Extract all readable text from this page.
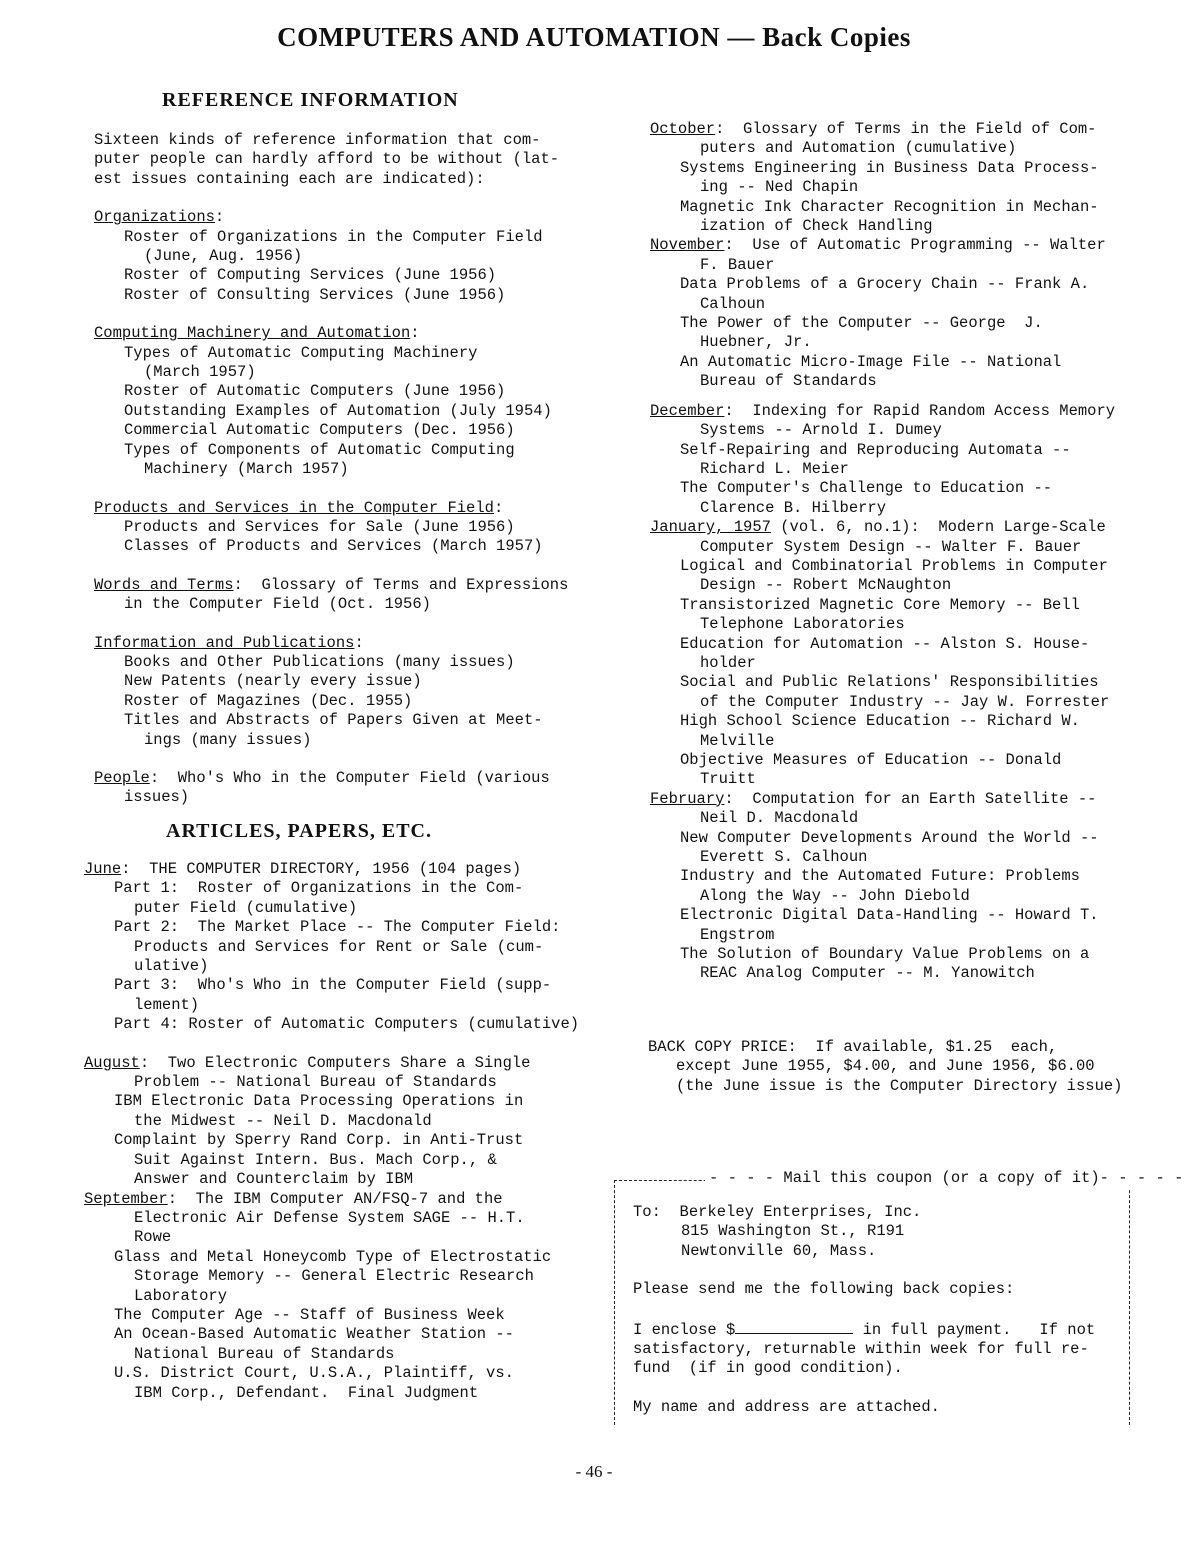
COMPUTERS AND AUTOMATION — Back Copies
REFERENCE INFORMATION
Sixteen kinds of reference information that com-
puter people can hardly afford to be without (lat-
est issues containing each are indicated):
Organizations:
Roster of Organizations in the Computer Field
(June, Aug. 1956)
Roster of Computing Services (June 1956)
Roster of Consulting Services (June 1956)
Computing Machinery and Automation:
Types of Automatic Computing Machinery
(March 1957)
Roster of Automatic Computers (June 1956)
Outstanding Examples of Automation (July 1954)
Commercial Automatic Computers (Dec. 1956)
Types of Components of Automatic Computing
Machinery (March 1957)
Products and Services in the Computer Field:
Products and Services for Sale (June 1956)
Classes of Products and Services (March 1957)
Words and Terms:  Glossary of Terms and Expressions
in the Computer Field (Oct. 1956)
Information and Publications:
Books and Other Publications (many issues)
New Patents (nearly every issue)
Roster of Magazines (Dec. 1955)
Titles and Abstracts of Papers Given at Meet-
ings (many issues)
People:  Who's Who in the Computer Field (various
issues)
ARTICLES, PAPERS, ETC.
June:  THE COMPUTER DIRECTORY, 1956 (104 pages)
Part 1:  Roster of Organizations in the Com-
puter Field (cumulative)
Part 2:  The Market Place -- The Computer Field:
Products and Services for Rent or Sale (cum-
ulative)
Part 3:  Who's Who in the Computer Field (supp-
lement)
Part 4: Roster of Automatic Computers (cumulative)
August:  Two Electronic Computers Share a Single
Problem -- National Bureau of Standards
IBM Electronic Data Processing Operations in
the Midwest -- Neil D. Macdonald
Complaint by Sperry Rand Corp. in Anti-Trust
Suit Against Intern. Bus. Mach Corp., &
Answer and Counterclaim by IBM
September:  The IBM Computer AN/FSQ-7 and the
Electronic Air Defense System SAGE -- H.T.
Rowe
Glass and Metal Honeycomb Type of Electrostatic
Storage Memory -- General Electric Research
Laboratory
The Computer Age -- Staff of Business Week
An Ocean-Based Automatic Weather Station --
National Bureau of Standards
U.S. District Court, U.S.A., Plaintiff, vs.
IBM Corp., Defendant.  Final Judgment
October:  Glossary of Terms in the Field of Com-
puters and Automation (cumulative)
Systems Engineering in Business Data Process-
ing -- Ned Chapin
Magnetic Ink Character Recognition in Mechan-
ization of Check Handling
November:  Use of Automatic Programming -- Walter
F. Bauer
Data Problems of a Grocery Chain -- Frank A.
Calhoun
The Power of the Computer -- George  J.
Huebner, Jr.
An Automatic Micro-Image File -- National
Bureau of Standards
December:  Indexing for Rapid Random Access Memory
Systems -- Arnold I. Dumey
Self-Repairing and Reproducing Automata --
Richard L. Meier
The Computer's Challenge to Education --
Clarence B. Hilberry
January, 1957 (vol. 6, no.1):  Modern Large-Scale
Computer System Design -- Walter F. Bauer
Logical and Combinatorial Problems in Computer
Design -- Robert McNaughton
Transistorized Magnetic Core Memory -- Bell
Telephone Laboratories
Education for Automation -- Alston S. House-
holder
Social and Public Relations' Responsibilities
of the Computer Industry -- Jay W. Forrester
High School Science Education -- Richard W.
Melville
Objective Measures of Education -- Donald
Truitt
February:  Computation for an Earth Satellite --
Neil D. Macdonald
New Computer Developments Around the World --
Everett S. Calhoun
Industry and the Automated Future: Problems
Along the Way -- John Diebold
Electronic Digital Data-Handling -- Howard T.
Engstrom
The Solution of Boundary Value Problems on a
REAC Analog Computer -- M. Yanowitch
BACK COPY PRICE:  If available, $1.25  each,
except June 1955, $4.00, and June 1956, $6.00
(the June issue is the Computer Directory issue)
- - - - Mail this coupon (or a copy of it)- - - - -
To: Berkeley Enterprises, Inc.
815 Washington St., R191
Newtonville 60, Mass.
Please send me the following back copies:
I enclose $	in full payment.   If not
satisfactory, returnable within week for full re-
fund  (if in good condition).
My name and address are attached.
- 46 -
